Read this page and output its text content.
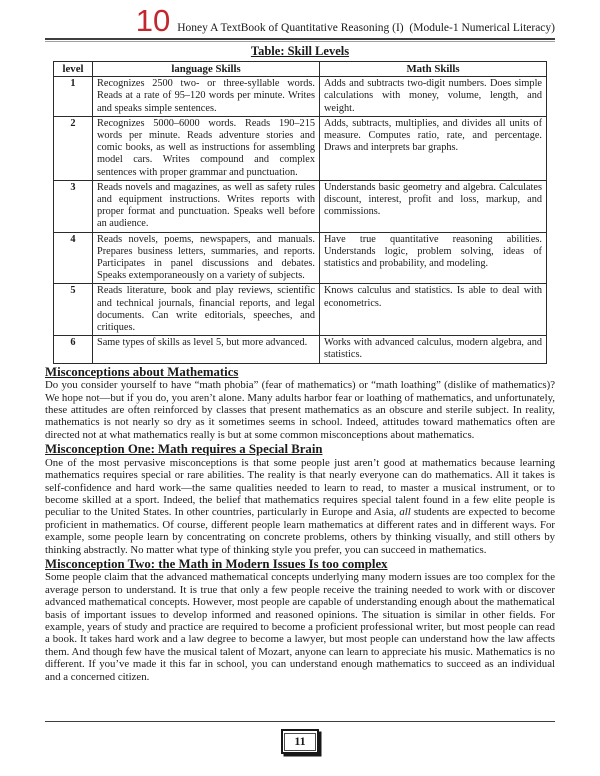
10 Honey A TextBook of Quantitative Reasoning (I)  (Module-1 Numerical Literacy)
Table: Skill Levels
level	language Skills	Math Skills
1	Recognizes 2500 two- or three-syllable words. Reads at a rate of 95–120 words per minute. Writes and speaks simple sentences.	Adds and subtracts two-digit numbers. Does simple calculations with money, volume, length, and weight.
2	Recognizes 5000–6000 words. Reads 190–215 words per minute. Reads adventure stories and comic books, as well as instructions for assembling model cars. Writes compound and complex sentences with proper grammar and punctuation.	Adds, subtracts, multiplies, and divides all units of measure. Computes ratio, rate, and percentage. Draws and interprets bar graphs.
3	Reads novels and magazines, as well as safety rules and equipment instructions. Writes reports with proper format and punctuation. Speaks well before an audience.	Understands basic geometry and algebra. Calculates discount, interest, profit and loss, markup, and commissions.
4	Reads novels, poems, newspapers, and manuals. Prepares business letters, summaries, and reports. Participates in panel discussions and debates. Speaks extemporaneously on a variety of subjects.	Have true quantitative reasoning abilities. Understands logic, problem solving, ideas of statistics and probability, and modeling.
5	Reads literature, book and play reviews, scientific and technical journals, financial reports, and legal documents. Can write editorials, speeches, and critiques.	Knows calculus and statistics. Is able to deal with econometrics.
6	Same types of skills as level 5, but more advanced.	Works with advanced calculus, modern algebra, and statistics.
Misconceptions about Mathematics

Do you consider yourself to have “math phobia” (fear of mathematics) or “math loathing” (dislike of mathematics)? We hope not—but if you do, you aren’t alone. Many adults harbor fear or loathing of mathematics, and unfortunately, these attitudes are often reinforced by classes that present mathematics as an obscure and sterile subject. In reality, mathematics is not nearly so dry as it sometimes seems in school. Indeed, attitudes toward mathematics often are directed not at what mathematics really is but at some common misconceptions about mathematics.

Misconception One: Math requires a Special Brain

One of the most pervasive misconceptions is that some people just aren’t good at mathematics because learning mathematics requires special or rare abilities. The reality is that nearly everyone can do mathematics. All it takes is self-confidence and hard work—the same qualities needed to learn to read, to master a musical instrument, or to become skilled at a sport. Indeed, the belief that mathematics requires special talent found in a few elite people is peculiar to the United States. In other countries, particularly in Europe and Asia, all students are expected to become proficient in mathematics. Of course, different people learn mathematics at different rates and in different ways. For example, some people learn by concentrating on concrete problems, others by thinking visually, and still others by thinking abstractly. No matter what type of thinking style you prefer, you can succeed in mathematics.

Misconception Two: the Math in Modern Issues Is too complex

Some people claim that the advanced mathematical concepts underlying many modern issues are too complex for the average person to understand. It is true that only a few people receive the training needed to work with or discover advanced mathematical concepts. However, most people are capable of understanding enough about the mathematical basis of important issues to develop informed and reasoned opinions. The situation is similar in other fields. For example, years of study and practice are required to become a proficient professional writer, but most people can read a book. It takes hard work and a law degree to become a lawyer, but most people can understand how the law affects them. And though few have the musical talent of Mozart, anyone can learn to appreciate his music. Mathematics is no different. If you’ve made it this far in school, you can understand enough mathematics to succeed as an individual and a concerned citizen.

11
